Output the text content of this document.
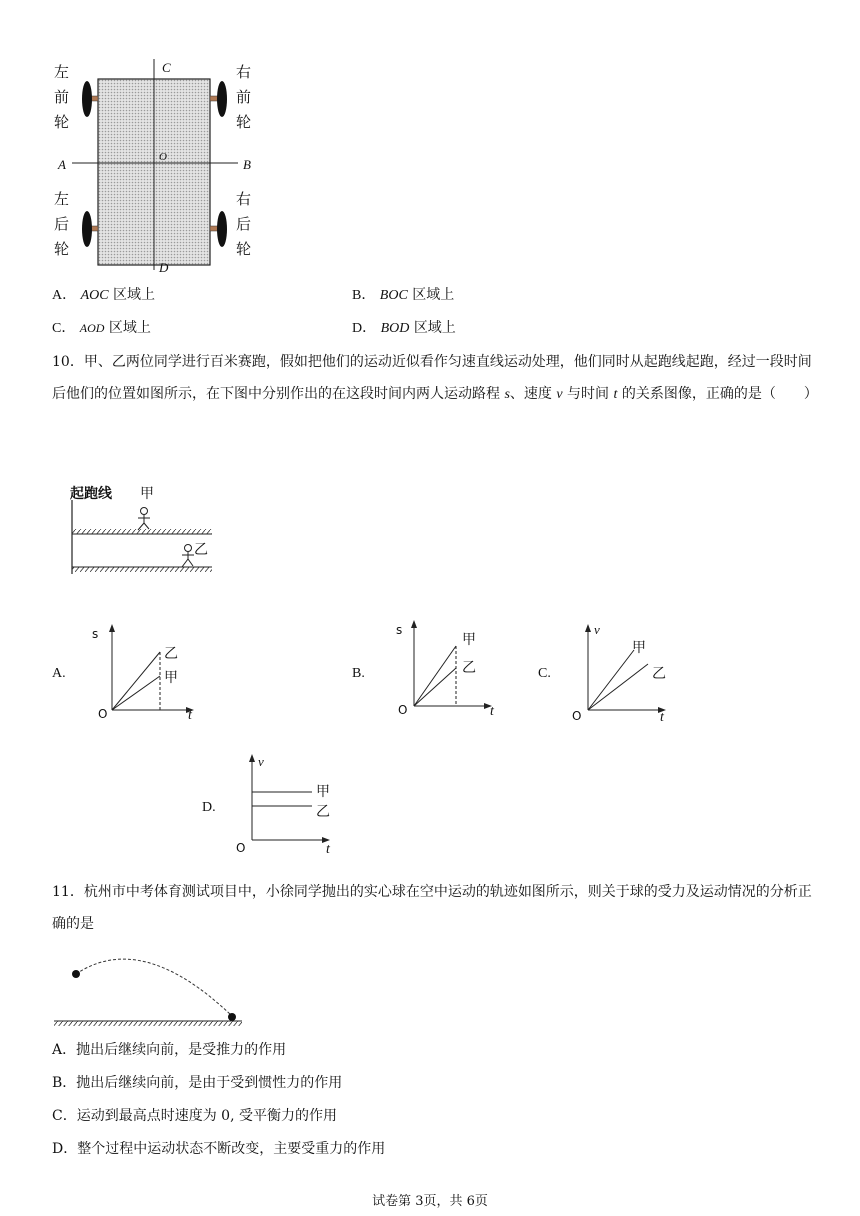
C
D
A	B
O
左
前
轮
右
前
轮
左
后
轮
右
后
轮
A． AOC 区域上	B． BOC 区域上
C． AOD 区域上	D． BOD 区域上
10．甲、乙两位同学进行百米赛跑，假如把他们的运动近似看作匀速直线运动处理，他们同时从起跑线起跑，经过一段时间后他们的位置如图所示，在下图中分别作出的在这段时间内两人运动路程 s、速度 v 与时间 t 的关系图像，正确的是（　　）
起跑线 甲
乙
A.
s
t
O
乙
甲	B.
s
t
O
甲
乙	C.
v
t
O
甲
乙
D.
v
t
O
甲
乙
11．杭州市中考体育测试项目中，小徐同学抛出的实心球在空中运动的轨迹如图所示，则关于球的受力及运动情况的分析正确的是
A．抛出后继续向前，是受推力的作用
B．抛出后继续向前，是由于受到惯性力的作用
C．运动到最高点时速度为 0, 受平衡力的作用
D．整个过程中运动状态不断改变，主要受重力的作用
试卷第 3页，共 6页
